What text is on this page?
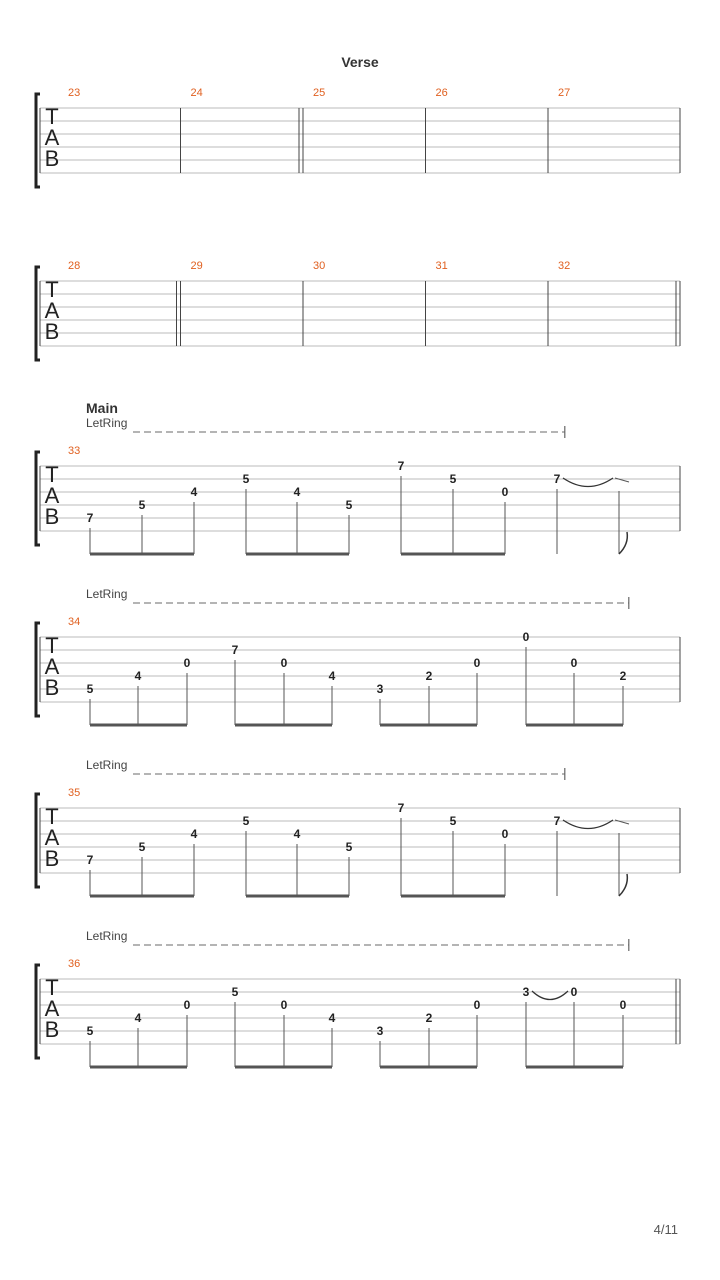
Verse
Main
T
A
B
23	24	25	26	27
T
A
B
28	29	30	31	32
T
A
B
33
LetRing
7
5
4
5
4
5
7
5
0
7
T
A
B
34
LetRing
5
4
0
7
0
4
3
2
0
0
0
2
T
A
B
35
LetRing
7
5
4
5
4
5
7
5
0
7
T
A
B
36
LetRing
5
4
0
5
0
4
3
2
0
3	0
0
4/11
